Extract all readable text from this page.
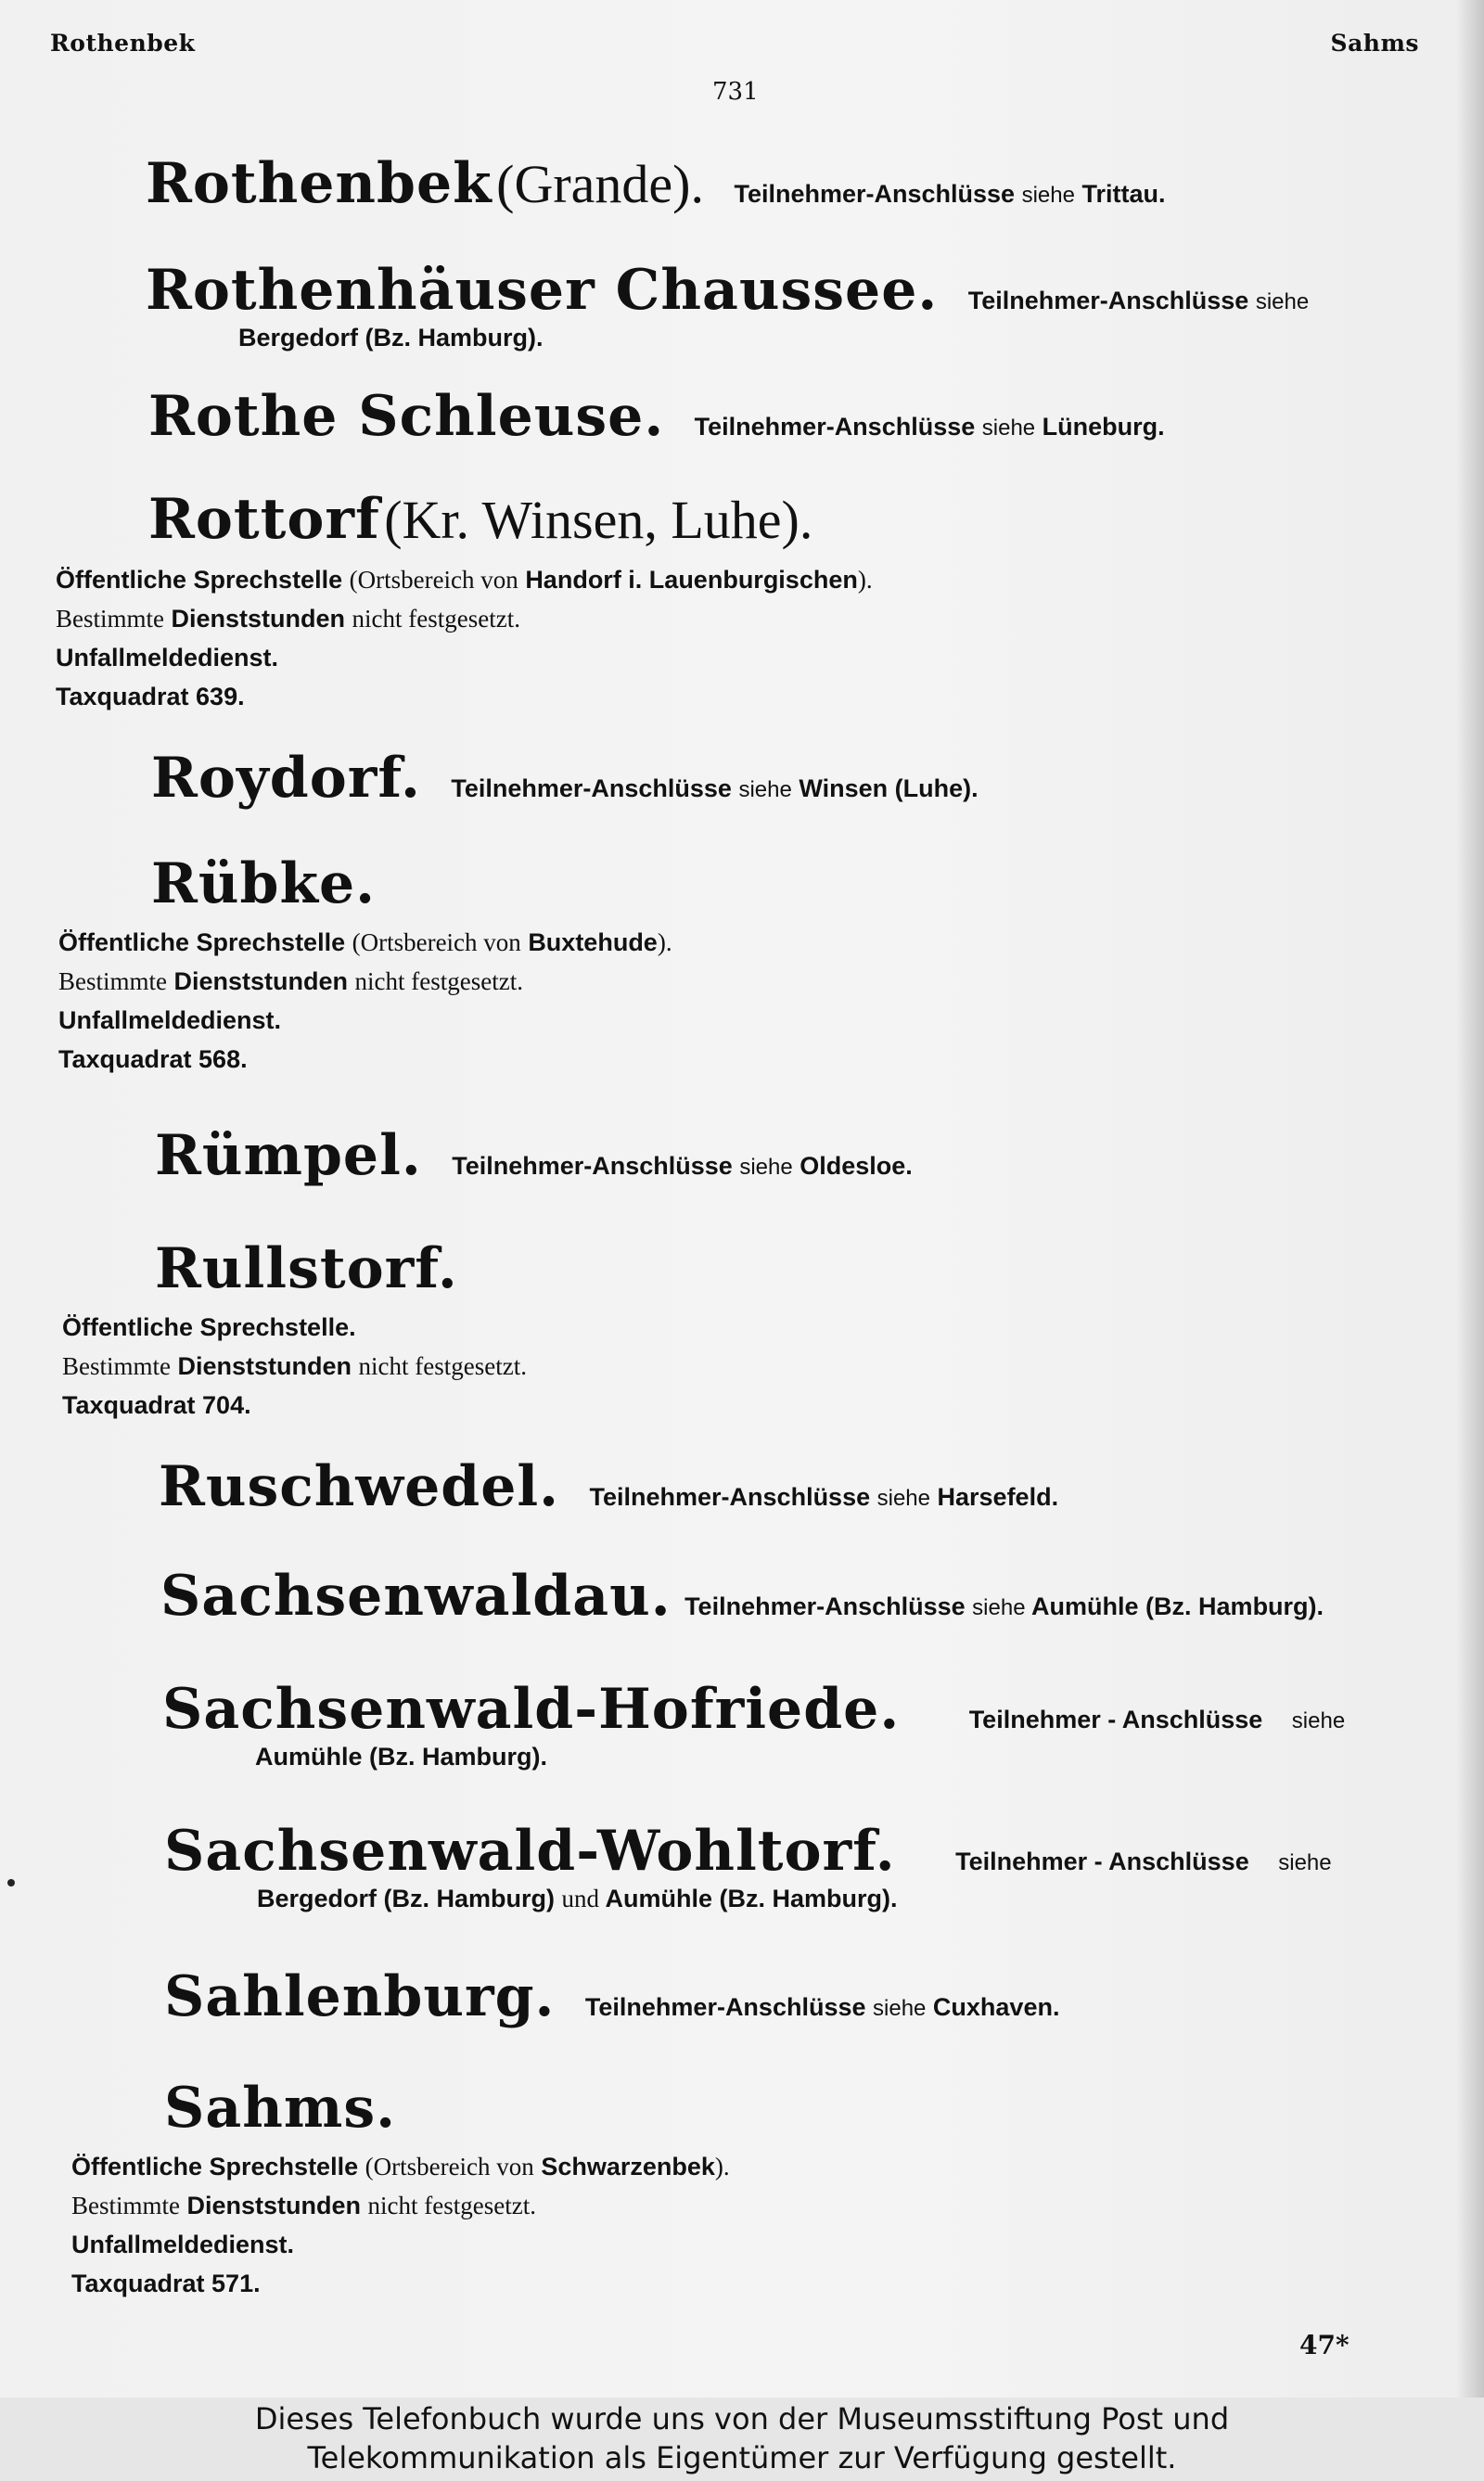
Rothenbek	Sahms
731
Rothenbek (Grande). Teilnehmer-Anschlüsse siehe Trittau.
Rothenhäuser Chaussee. Teilnehmer-Anschlüsse siehe
Bergedorf (Bz. Hamburg).
Rothe Schleuse. Teilnehmer-Anschlüsse siehe Lüneburg.
Rottorf (Kr. Winsen, Luhe).
Öffentliche Sprechstelle (Ortsbereich von Handorf i. Lauenburgischen).
Bestimmte Dienststunden nicht festgesetzt.
Unfallmeldedienst.
Taxquadrat 639.
Roydorf. Teilnehmer-Anschlüsse siehe Winsen (Luhe).
Rübke.
Öffentliche Sprechstelle (Ortsbereich von Buxtehude).
Bestimmte Dienststunden nicht festgesetzt.
Unfallmeldedienst.
Taxquadrat 568.
Rümpel. Teilnehmer-Anschlüsse siehe Oldesloe.
Rullstorf.
Öffentliche Sprechstelle.
Bestimmte Dienststunden nicht festgesetzt.
Taxquadrat 704.
Ruschwedel. Teilnehmer-Anschlüsse siehe Harsefeld.
Sachsenwaldau. Teilnehmer-Anschlüsse siehe Aumühle (Bz. Hamburg).
Sachsenwald-Hofriede.	Teilnehmer - Anschlüsse siehe
Aumühle (Bz. Hamburg).
Sachsenwald-Wohltorf. Teilnehmer - Anschlüsse siehe
Bergedorf (Bz. Hamburg) und Aumühle (Bz. Hamburg).
Sahlenburg. Teilnehmer-Anschlüsse siehe Cuxhaven.
Sahms.
Öffentliche Sprechstelle (Ortsbereich von Schwarzenbek).
Bestimmte Dienststunden nicht festgesetzt.
Unfallmeldedienst.
Taxquadrat 571.
47*
Dieses Telefonbuch wurde uns von der Museumsstiftung Post und
Telekommunikation als Eigentümer zur Verfügung gestellt.
